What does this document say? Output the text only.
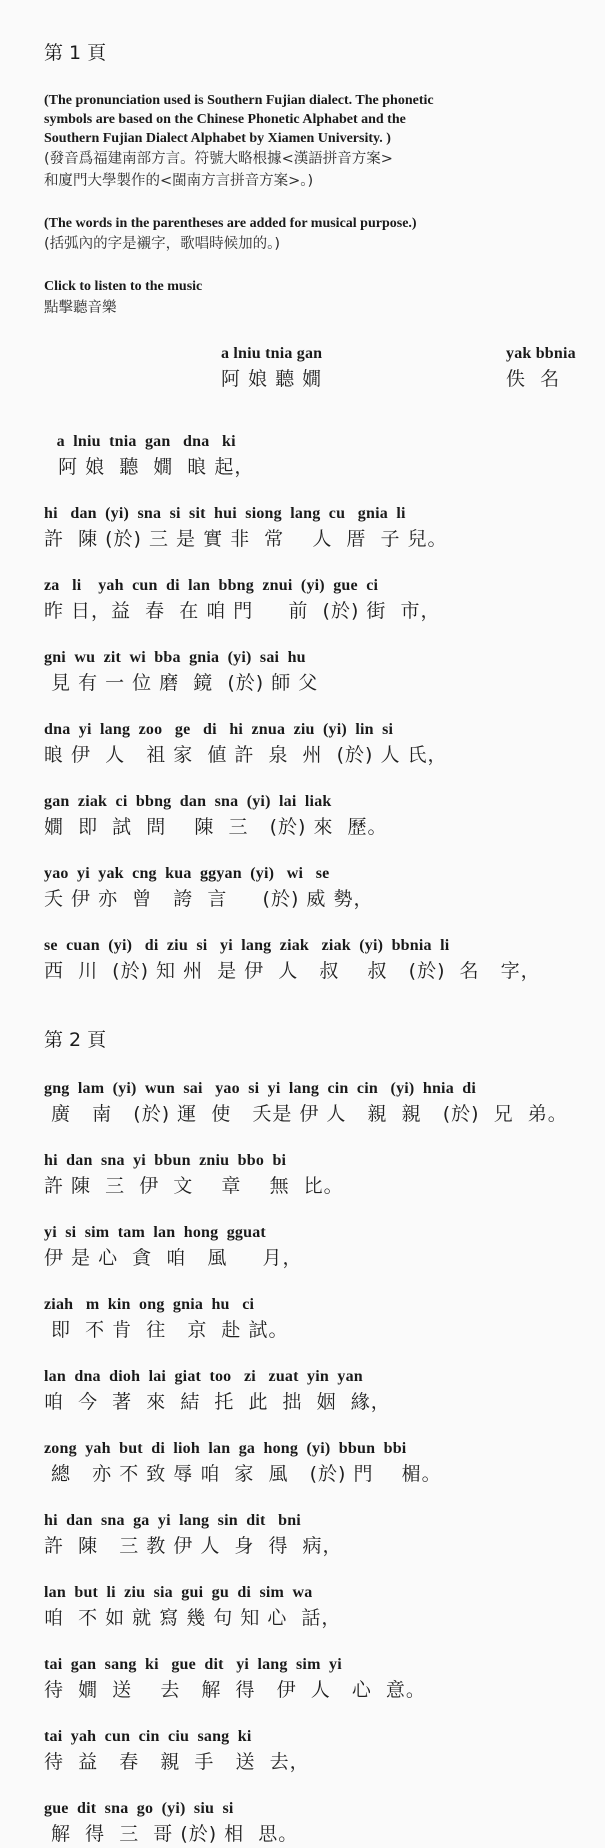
第 1 頁
(The pronunciation used is Southern Fujian dialect. The phonetic
symbols are based on the Chinese Phonetic Alphabet and the
Southern Fujian Dialect Alphabet by Xiamen University. )
(發音爲福建南部方言。符號大略根據<漢語拼音方案>
和廈門大學製作的<閩南方言拼音方案>。)
(The words in the parentheses are added for musical purpose.)
(括弧內的字是襯字，歌唱時候加的。)
Click to listen to the music
點擊聽音樂
a lniu tnia gan
阿 娘 聽 嫺
yak bbnia
佚  名
a  lniu  tnia  gan   dna   ki
阿 娘  聽  嫺  㫰 起，
hi   dan  (yi)  sna  si  sit  hui  siong  lang  cu   gnia  li
許  陳 (於) 三 是 實 非  常    人  厝  子 兒。
za   li    yah  cun  di  lan  bbng  znui  (yi)  gue  ci
昨 日，益  春  在 咱 門     前  (於) 街  市，
gni  wu  zit  wi  bba  gnia  (yi)  sai  hu
見 有 一 位 磨  鏡  (於) 師 父
dna  yi  lang  zoo   ge   di   hi  znua  ziu  (yi)  lin  si
㫰 伊  人   祖 家  値 許  泉  州  (於) 人 氏，
gan  ziak  ci  bbng  dan  sna  (yi)  lai  liak
嫺  即  試  問    陳  三   (於) 來  歷。
yao  yi  yak  cng  kua  ggyan  (yi)   wi   se
夭 伊 亦  曾   誇  言     (於) 威 勢，
se  cuan  (yi)   di  ziu  si   yi  lang  ziak   ziak  (yi)  bbnia  li
西  川  (於) 知 州  是 伊  人   叔    叔   (於)  名   字，
第 2 頁
gng  lam  (yi)  wun  sai   yao  si  yi  lang  cin  cin   (yi)  hnia  di
廣   南   (於) 運  使   夭是 伊 人   親  親   (於)  兄  弟。
hi  dan  sna  yi  bbun  zniu  bbo  bi
許 陳  三  伊  文    章    無  比。
yi  si  sim  tam  lan  hong  gguat
伊 是 心  貪  咱   風     月，
ziah   m  kin  ong  gnia  hu   ci
即  不 肯  往   京  赴 試。
lan  dna  dioh  lai  giat  too   zi   zuat  yin  yan
咱  今  著  來  結  托  此  拙  姻  緣，
zong  yah  but  di  lioh  lan  ga  hong  (yi)  bbun  bbi
總   亦 不 致 辱 咱  家  風   (於) 門    楣。
hi  dan  sna  ga  yi  lang  sin  dit   bni
許  陳   三 教 伊 人  身  得  病，
lan  but  li  ziu  sia  gui  gu  di  sim  wa
咱  不 如 就 寫 幾 句 知 心  話，
tai  gan  sang  ki   gue  dit   yi  lang  sim  yi
待  嫺  送    去   解  得   伊  人   心  意。
tai  yah  cun  cin  ciu  sang  ki
待  益   春   親  手   送  去，
gue  dit  sna  go  (yi)  siu  si
解  得  三  哥 (於) 相  思。
